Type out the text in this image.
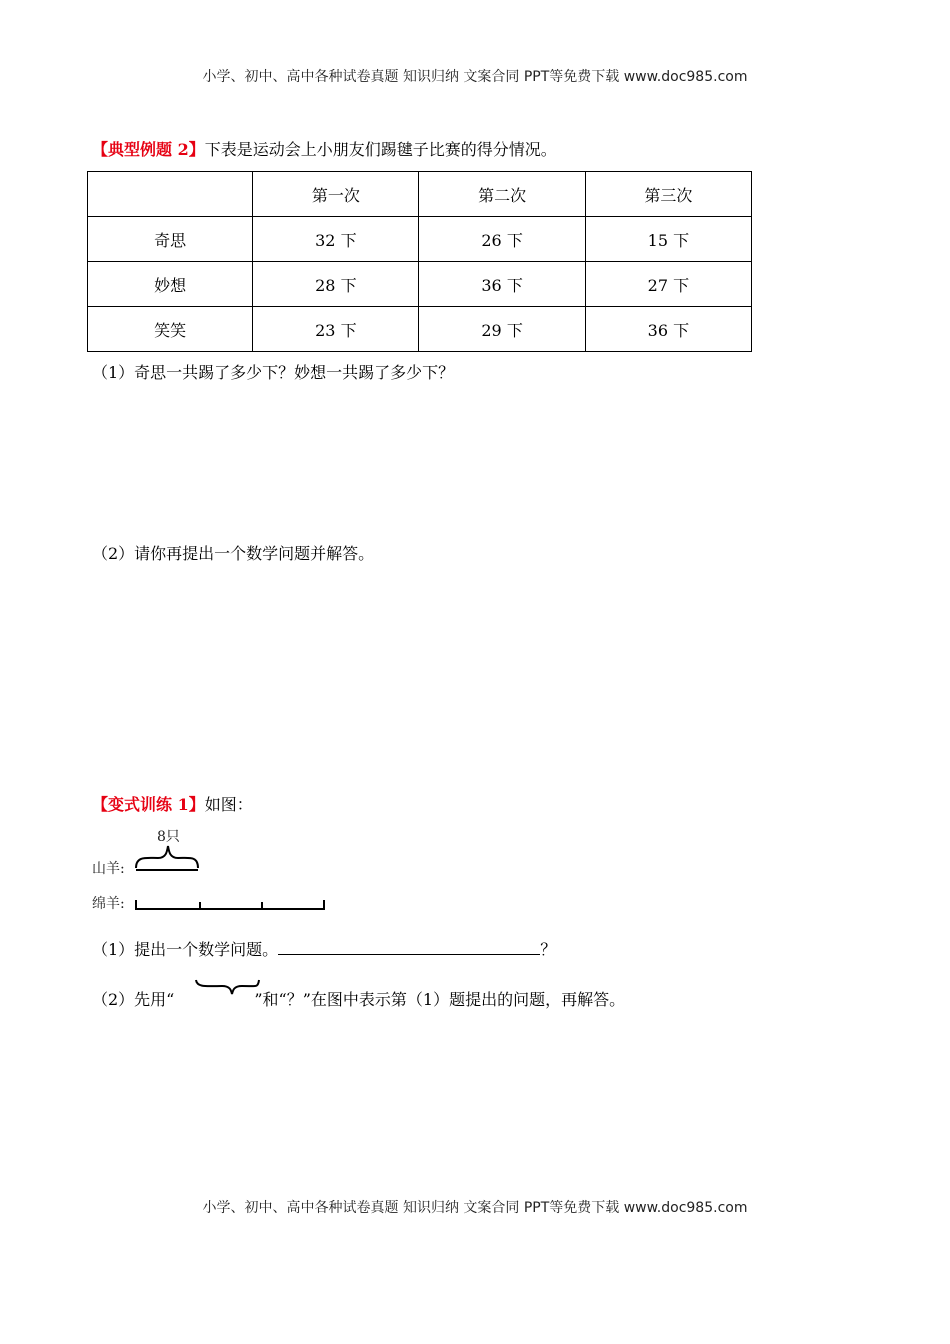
小学、初中、高中各种试卷真题 知识归纳 文案合同 PPT等免费下载 www.doc985.com
【典型例题 2】下表是运动会上小朋友们踢毽子比赛的得分情况。
	第一次	第二次	第三次
奇思	32 下	26 下	15 下
妙想	28 下	36 下	27 下
笑笑	23 下	29 下	36 下
（1）奇思一共踢了多少下？妙想一共踢了多少下？
（2）请你再提出一个数学问题并解答。
【变式训练 1】如图：
8只
山羊:
绵羊:
（1）提出一个数学问题。	？
（2）先用“	”和“？”在图中表示第（1）题提出的问题，再解答。
小学、初中、高中各种试卷真题 知识归纳 文案合同 PPT等免费下载 www.doc985.com
